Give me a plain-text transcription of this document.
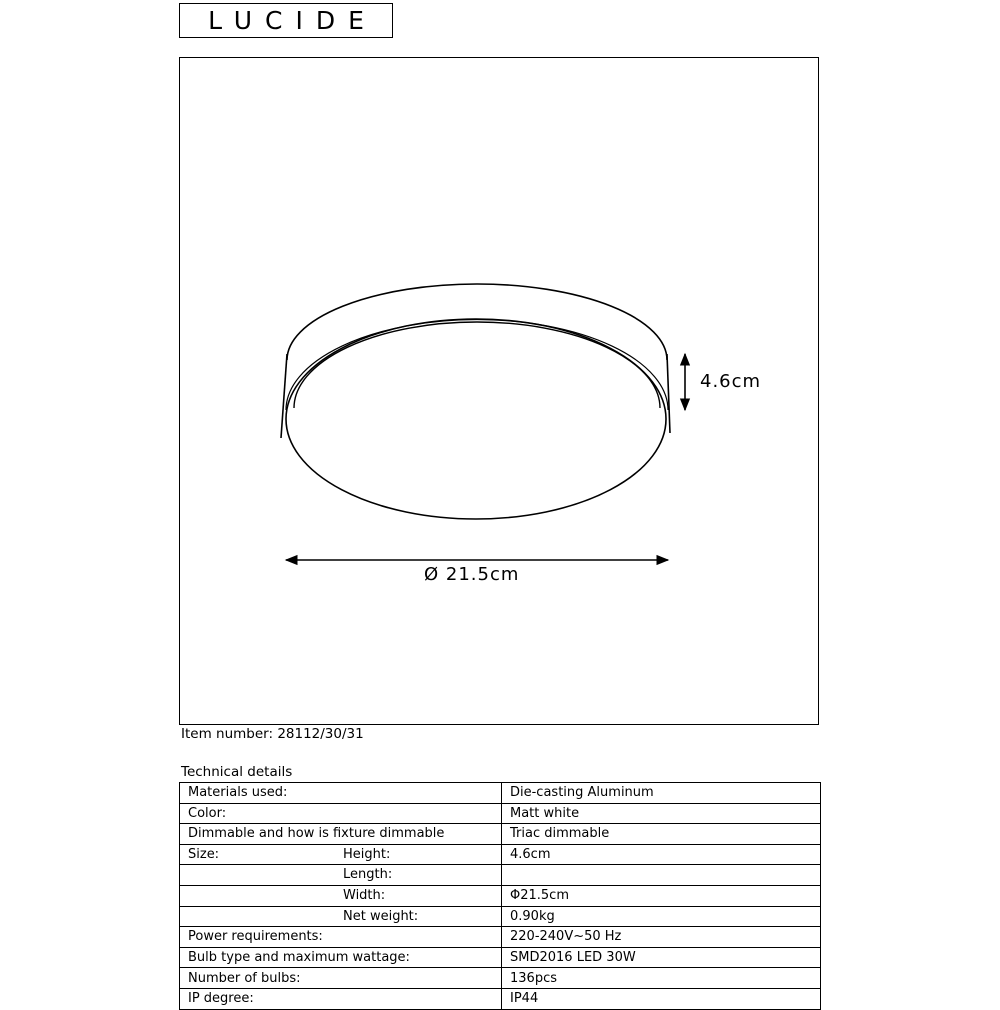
LUCIDE
4.6cm
Ø 21.5cm
Item number: 28112/30/31
Technical details
Materials used:	Die-casting Aluminum
Color:	Matt white
Dimmable and how is fixture dimmable	Triac dimmable

Size: Height:	4.6cm

Length:	

Width:	Φ21.5cm

Net weight:	0.90kg
Power requirements:	220-240V~50 Hz
Bulb type and maximum wattage:	SMD2016 LED 30W
Number of bulbs:	136pcs
IP degree:	IP44
